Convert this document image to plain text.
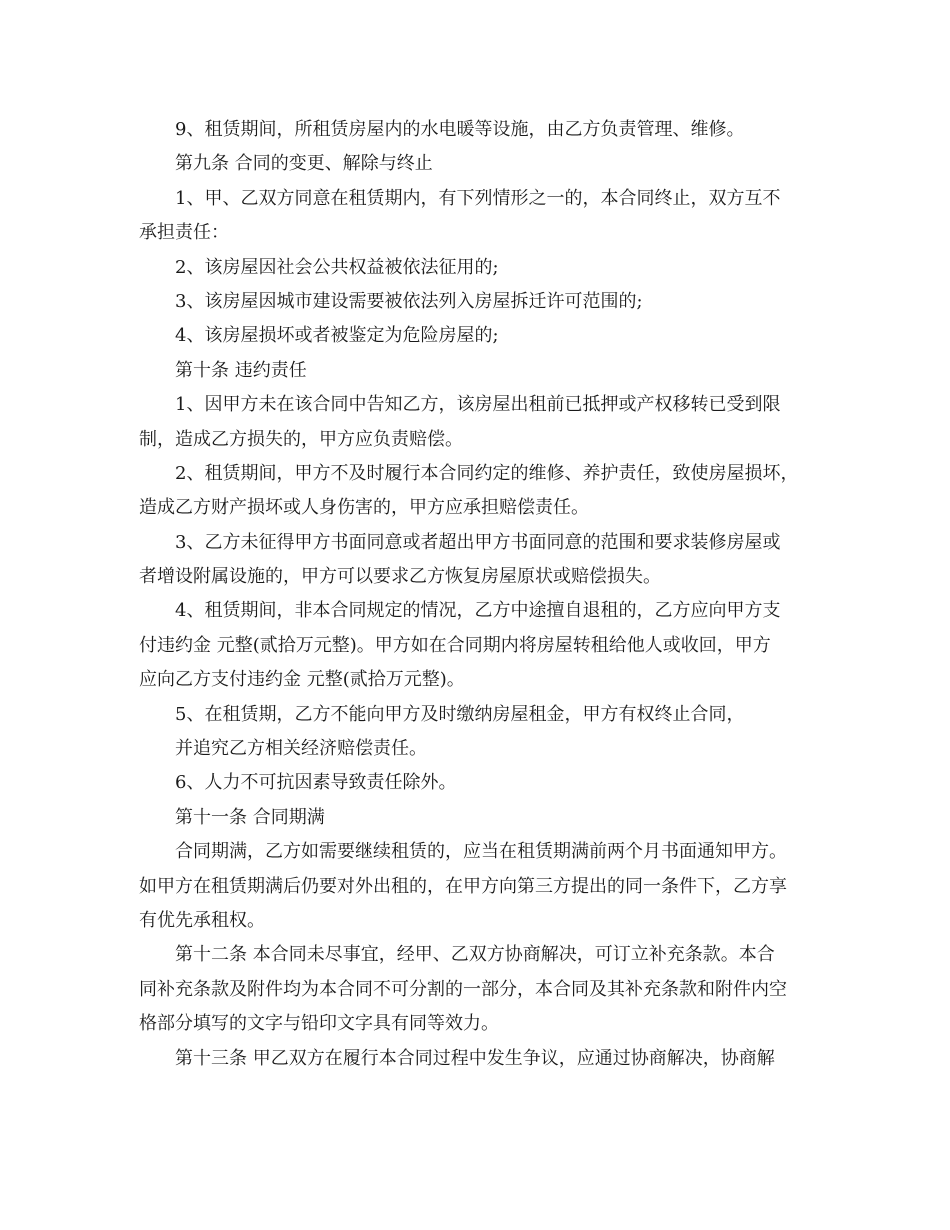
9、租赁期间，所租赁房屋内的水电暖等设施，由乙方负责管理、维修。
第九条 合同的变更、解除与终止
1、甲、乙双方同意在租赁期内，有下列情形之一的，本合同终止，双方互不
承担责任：
2、该房屋因社会公共权益被依法征用的;
3、该房屋因城市建设需要被依法列入房屋拆迁许可范围的;
4、该房屋损坏或者被鉴定为危险房屋的;
第十条 违约责任
1、因甲方未在该合同中告知乙方，该房屋出租前已抵押或产权移转已受到限
制，造成乙方损失的，甲方应负责赔偿。
2、租赁期间，甲方不及时履行本合同约定的维修、养护责任，致使房屋损坏，
造成乙方财产损坏或人身伤害的，甲方应承担赔偿责任。
3、乙方未征得甲方书面同意或者超出甲方书面同意的范围和要求装修房屋或
者增设附属设施的，甲方可以要求乙方恢复房屋原状或赔偿损失。
4、租赁期间，非本合同规定的情况，乙方中途擅自退租的，乙方应向甲方支
付违约金 元整(贰拾万元整)。甲方如在合同期内将房屋转租给他人或收回，甲方
应向乙方支付违约金 元整(贰拾万元整)。
5、在租赁期，乙方不能向甲方及时缴纳房屋租金，甲方有权终止合同，
并追究乙方相关经济赔偿责任。
6、人力不可抗因素导致责任除外。
第十一条 合同期满
合同期满，乙方如需要继续租赁的，应当在租赁期满前两个月书面通知甲方。
如甲方在租赁期满后仍要对外出租的，在甲方向第三方提出的同一条件下，乙方享
有优先承租权。
第十二条 本合同未尽事宜，经甲、乙双方协商解决，可订立补充条款。本合
同补充条款及附件均为本合同不可分割的一部分，本合同及其补充条款和附件内空
格部分填写的文字与铅印文字具有同等效力。
第十三条 甲乙双方在履行本合同过程中发生争议，应通过协商解决，协商解
